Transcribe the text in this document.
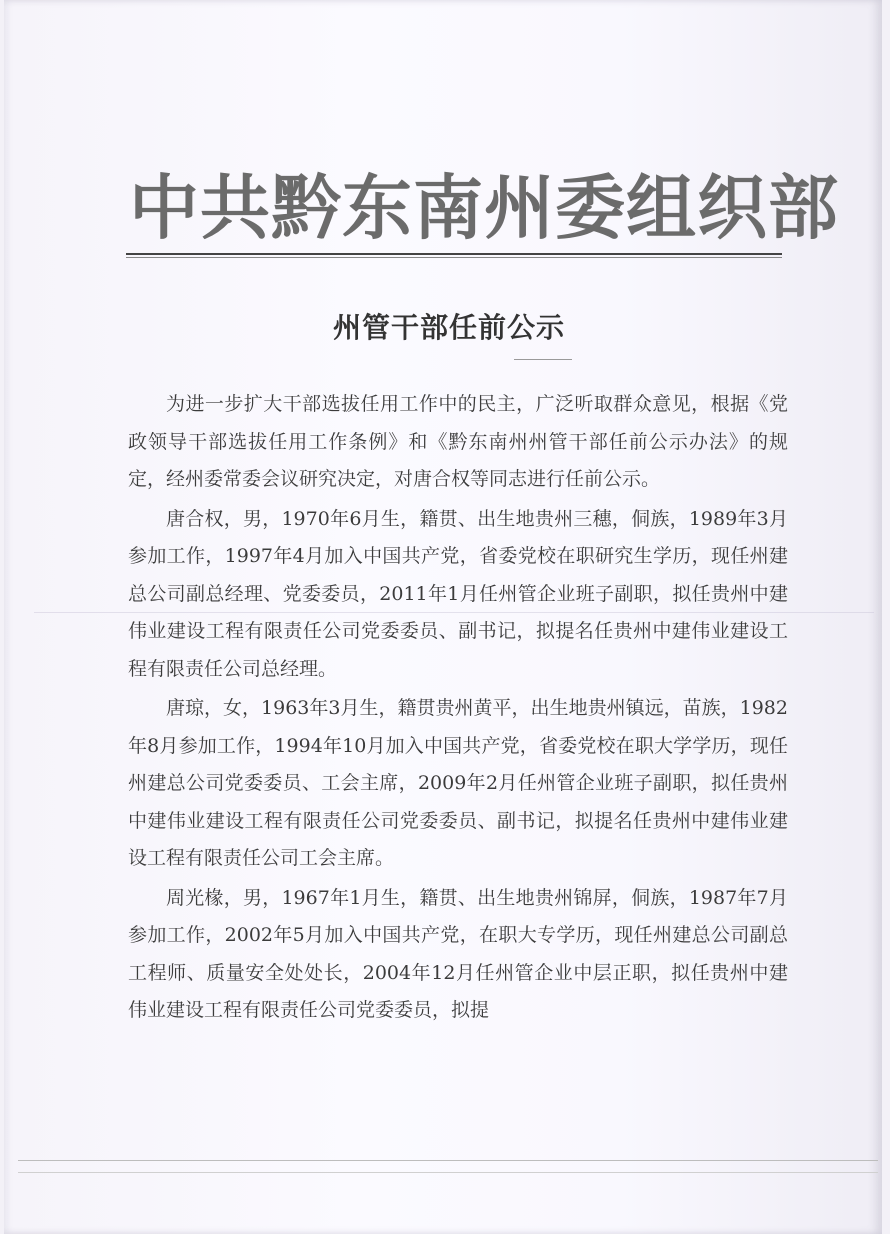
中共黔东南州委组织部
州管干部任前公示

为进一步扩大干部选拔任用工作中的民主，广泛听取群众意见，根据《党政领导干部选拔任用工作条例》和《黔东南州州管干部任前公示办法》的规定，经州委常委会议研究决定，对唐合权等同志进行任前公示。

唐合权，男，1970年6月生，籍贯、出生地贵州三穗，侗族，1989年3月参加工作，1997年4月加入中国共产党，省委党校在职研究生学历，现任州建总公司副总经理、党委委员，2011年1月任州管企业班子副职，拟任贵州中建伟业建设工程有限责任公司党委委员、副书记，拟提名任贵州中建伟业建设工程有限责任公司总经理。

唐琼，女，1963年3月生，籍贯贵州黄平，出生地贵州镇远，苗族，1982年8月参加工作，1994年10月加入中国共产党，省委党校在职大学学历，现任州建总公司党委委员、工会主席，2009年2月任州管企业班子副职，拟任贵州中建伟业建设工程有限责任公司党委委员、副书记，拟提名任贵州中建伟业建设工程有限责任公司工会主席。

周光椽，男，1967年1月生，籍贯、出生地贵州锦屏，侗族，1987年7月参加工作，2002年5月加入中国共产党，在职大专学历，现任州建总公司副总工程师、质量安全处处长，2004年12月任州管企业中层正职，拟任贵州中建伟业建设工程有限责任公司党委委员，拟提
